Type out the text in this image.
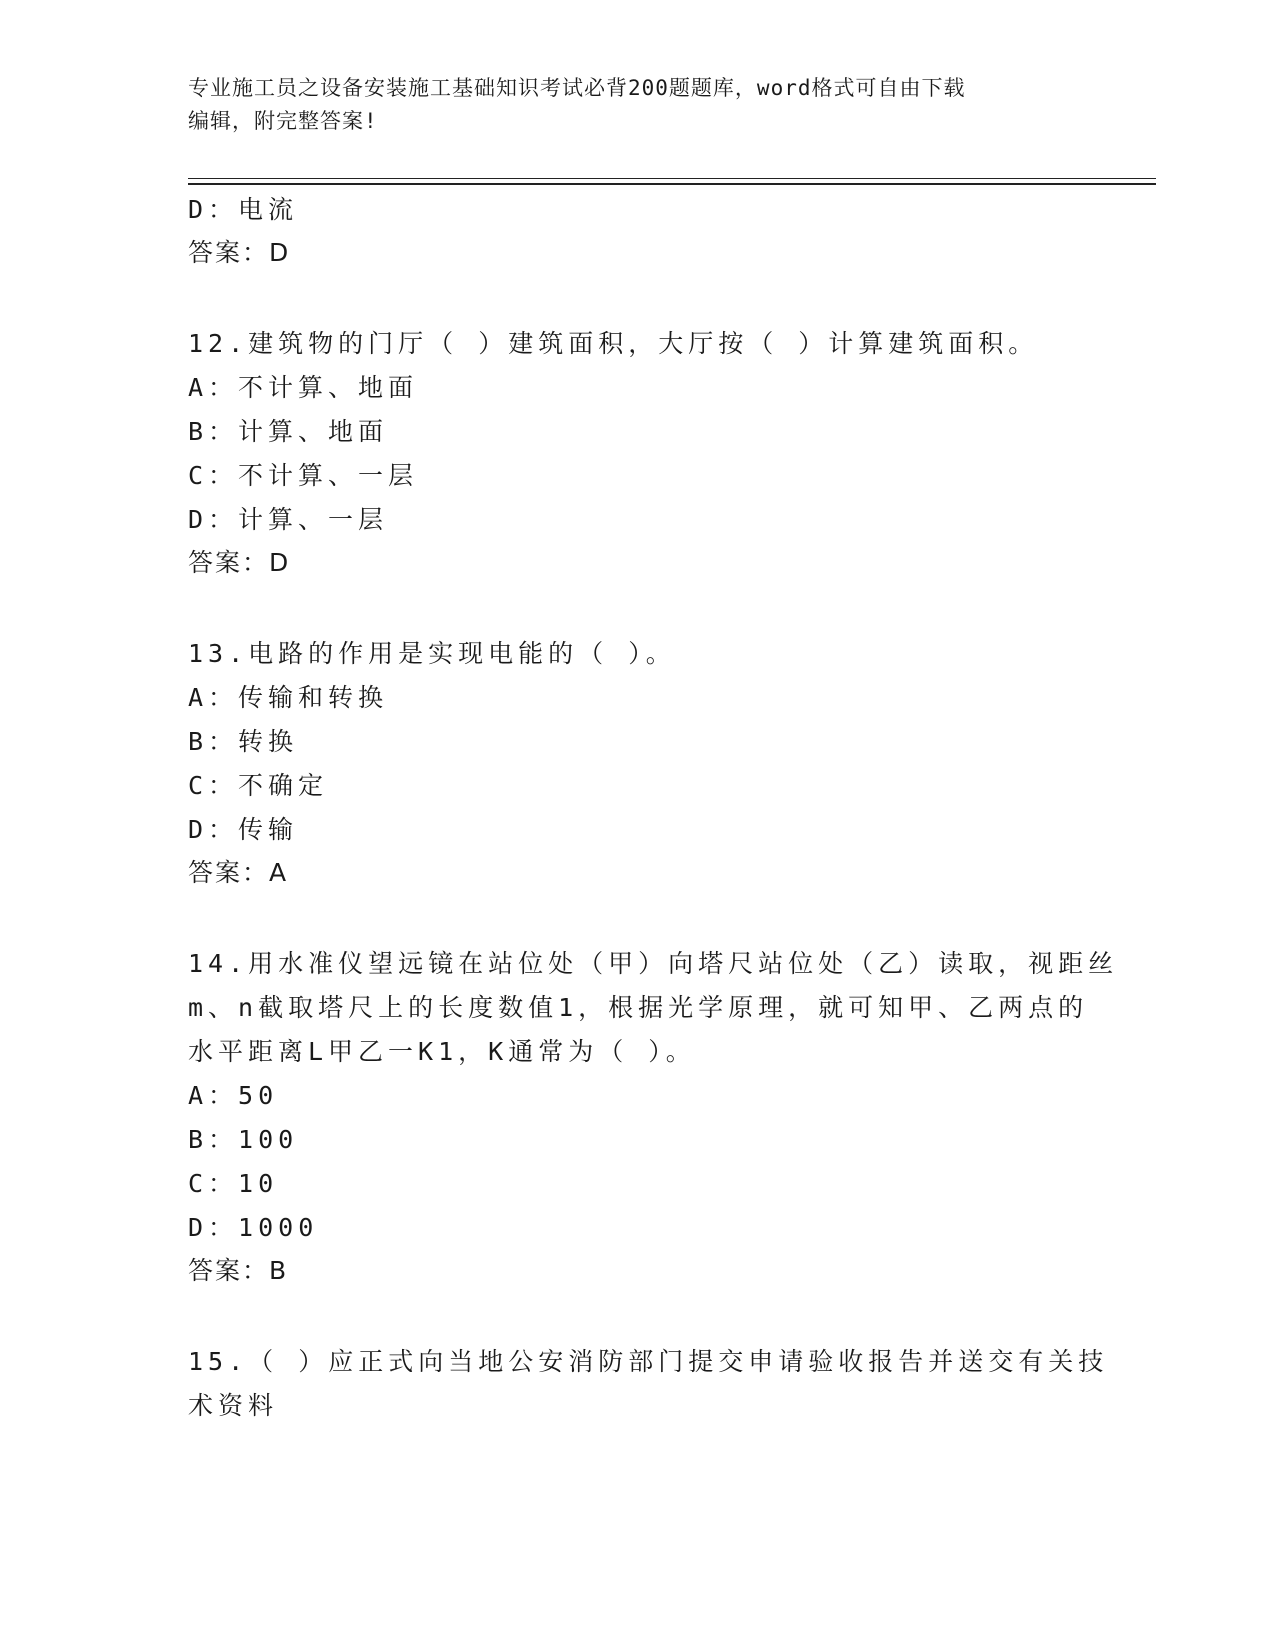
专业施工员之设备安装施工基础知识考试必背200题题库，word格式可自由下载
编辑，附完整答案!
D：电流
答案：D
12.建筑物的门厅（ ）建筑面积，大厅按（ ）计算建筑面积。
A：不计算、地面
B：计算、地面
C：不计算、一层
D：计算、一层
答案：D
13.电路的作用是实现电能的（ ）。
A：传输和转换
B：转换
C：不确定
D：传输
答案：A
14.用水准仪望远镜在站位处（甲）向塔尺站位处（乙）读取，视距丝
m、n截取塔尺上的长度数值1，根据光学原理，就可知甲、乙两点的
水平距离L甲乙一K1，K通常为（ ）。
A：50
B：100
C：10
D：1000
答案：B
15.（ ）应正式向当地公安消防部门提交申请验收报告并送交有关技
术资料
